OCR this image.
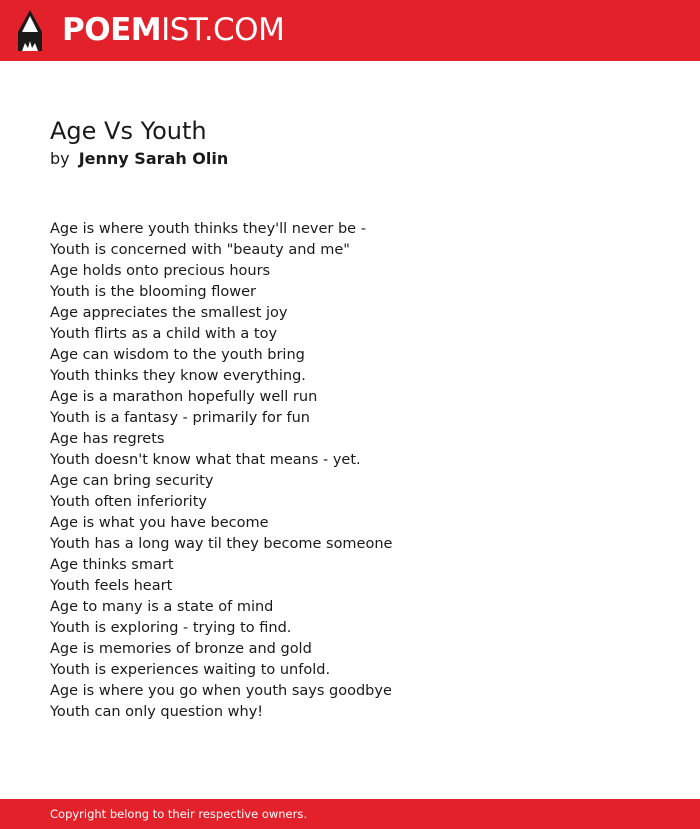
POEMIST.COM
Age Vs Youth
by Jenny Sarah Olin
Age is where youth thinks they'll never be -
Youth is concerned with "beauty and me"
Age holds onto precious hours
Youth is the blooming flower
Age appreciates the smallest joy
Youth flirts as a child with a toy
Age can wisdom to the youth bring
Youth thinks they know everything.
Age is a marathon hopefully well run
Youth is a fantasy - primarily for fun
Age has regrets
Youth doesn't know what that means - yet.
Age can bring security
Youth often inferiority
Age is what you have become
Youth has a long way til they become someone
Age thinks smart
Youth feels heart
Age to many is a state of mind
Youth is exploring - trying to find.
Age is memories of bronze and gold
Youth is experiences waiting to unfold.
Age is where you go when youth says goodbye
Youth can only question why!
Copyright belong to their respective owners.
